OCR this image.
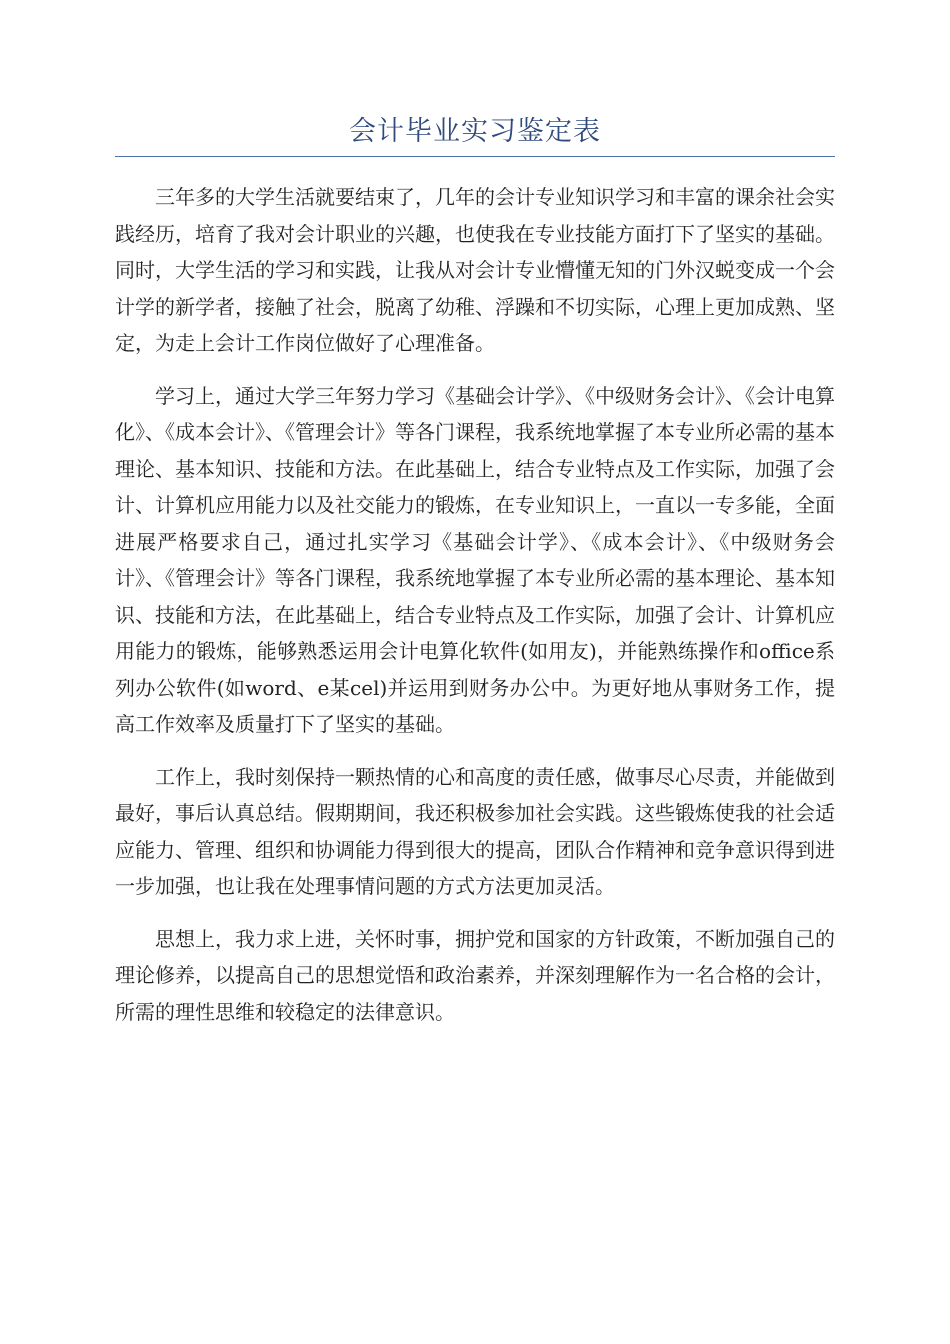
会计毕业实习鉴定表

三年多的大学生活就要结束了，几年的会计专业知识学习和丰富的课余社会实践经历，培育了我对会计职业的兴趣，也使我在专业技能方面打下了坚实的基础。同时，大学生活的学习和实践，让我从对会计专业懵懂无知的门外汉蜕变成一个会计学的新学者，接触了社会，脱离了幼稚、浮躁和不切实际，心理上更加成熟、坚定，为走上会计工作岗位做好了心理准备。

学习上，通过大学三年努力学习《基础会计学》、《中级财务会计》、《会计电算化》、《成本会计》、《管理会计》等各门课程，我系统地掌握了本专业所必需的基本理论、基本知识、技能和方法。在此基础上，结合专业特点及工作实际，加强了会计、计算机应用能力以及社交能力的锻炼，在专业知识上，一直以一专多能，全面进展严格要求自己，通过扎实学习《基础会计学》、《成本会计》、《中级财务会计》、《管理会计》等各门课程，我系统地掌握了本专业所必需的基本理论、基本知识、技能和方法，在此基础上，结合专业特点及工作实际，加强了会计、计算机应用能力的锻炼，能够熟悉运用会计电算化软件(如用友)，并能熟练操作和office系列办公软件(如word、e某cel)并运用到财务办公中。为更好地从事财务工作，提高工作效率及质量打下了坚实的基础。

工作上，我时刻保持一颗热情的心和高度的责任感，做事尽心尽责，并能做到最好，事后认真总结。假期期间，我还积极参加社会实践。这些锻炼使我的社会适应能力、管理、组织和协调能力得到很大的提高，团队合作精神和竞争意识得到进一步加强，也让我在处理事情问题的方式方法更加灵活。

思想上，我力求上进，关怀时事，拥护党和国家的方针政策，不断加强自己的理论修养，以提高自己的思想觉悟和政治素养，并深刻理解作为一名合格的会计，所需的理性思维和较稳定的法律意识。
